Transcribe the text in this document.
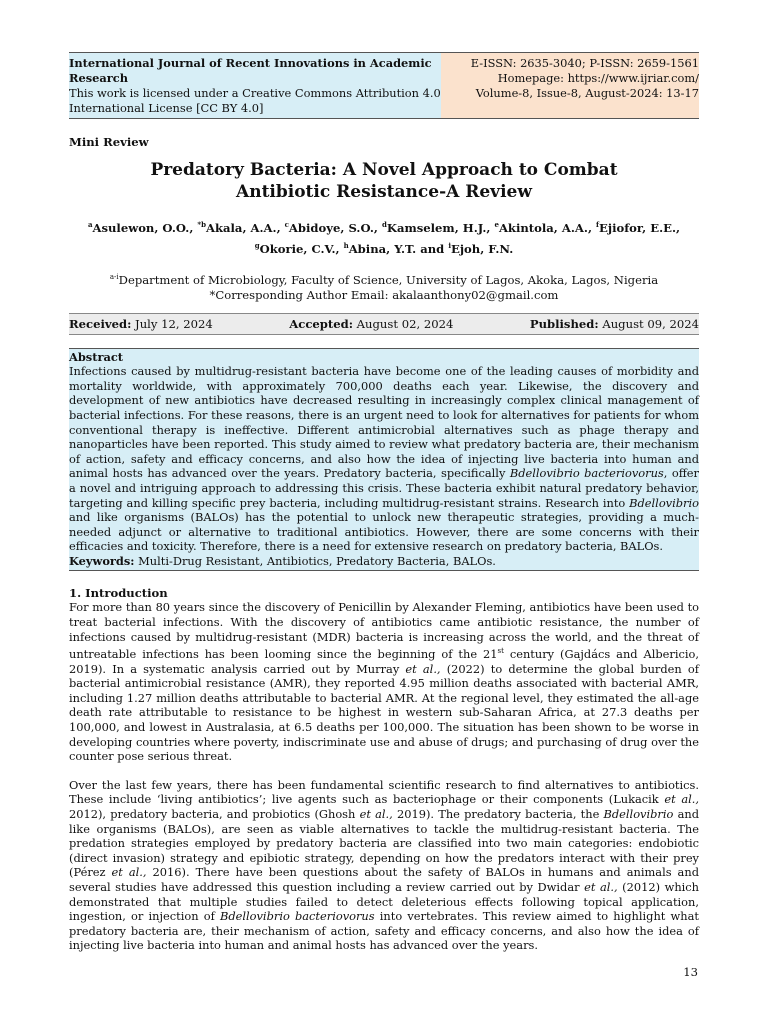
International Journal of Recent Innovations in Academic Research
This work is licensed under a Creative Commons Attribution 4.0 International License [CC BY 4.0]
E-ISSN: 2635-3040; P-ISSN: 2659-1561
Homepage: https://www.ijriar.com/
Volume-8, Issue-8, August-2024: 13-17
Mini Review
Predatory Bacteria: A Novel Approach to Combat Antibiotic Resistance-A Review
$^a$Asulewon, O.O., $^{*b}$Akala, A.A., $^c$Abidoye, S.O., $^d$Kamselem, H.J., $^e$Akintola, A.A., $^f$Ejiofor, E.E.,
$^g$Okorie, C.V., $^h$Abina, Y.T. and $^i$Ejoh, F.N.
$^{a-i}$Department of Microbiology, Faculty of Science, University of Lagos, Akoka, Lagos, Nigeria
*Corresponding Author Email: akalaanthony02@gmail.com
Received: July 12, 2024	Accepted: August 02, 2024	Published: August 09, 2024
Abstract
Infections caused by multidrug-resistant bacteria have become one of the leading causes of morbidity and mortality worldwide, with approximately 700,000 deaths each year. Likewise, the discovery and development of new antibiotics have decreased resulting in increasingly complex clinical management of bacterial infections. For these reasons, there is an urgent need to look for alternatives for patients for whom conventional therapy is ineffective. Different antimicrobial alternatives such as phage therapy and nanoparticles have been reported. This study aimed to review what predatory bacteria are, their mechanism of action, safety and efficacy concerns, and also how the idea of injecting live bacteria into human and animal hosts has advanced over the years. Predatory bacteria, specifically Bdellovibrio bacteriovorus, offer a novel and intriguing approach to addressing this crisis. These bacteria exhibit natural predatory behavior, targeting and killing specific prey bacteria, including multidrug-resistant strains. Research into Bdellovibrio and like organisms (BALOs) has the potential to unlock new therapeutic strategies, providing a much-needed adjunct or alternative to traditional antibiotics. However, there are some concerns with their efficacies and toxicity. Therefore, there is a need for extensive research on predatory bacteria, BALOs.
Keywords: Multi-Drug Resistant, Antibiotics, Predatory Bacteria, BALOs.
1. Introduction
For more than 80 years since the discovery of Penicillin by Alexander Fleming, antibiotics have been used to treat bacterial infections. With the discovery of antibiotics came antibiotic resistance, the number of infections caused by multidrug-resistant (MDR) bacteria is increasing across the world, and the threat of untreatable infections has been looming since the beginning of the 21st century (Gajdács and Albericio, 2019). In a systematic analysis carried out by Murray et al., (2022) to determine the global burden of bacterial antimicrobial resistance (AMR), they reported 4.95 million deaths associated with bacterial AMR, including 1.27 million deaths attributable to bacterial AMR. At the regional level, they estimated the all-age death rate attributable to resistance to be highest in western sub-Saharan Africa, at 27.3 deaths per 100,000, and lowest in Australasia, at 6.5 deaths per 100,000. The situation has been shown to be worse in developing countries where poverty, indiscriminate use and abuse of drugs; and purchasing of drug over the counter pose serious threat.
Over the last few years, there has been fundamental scientific research to find alternatives to antibiotics. These include ‘living antibiotics’; live agents such as bacteriophage or their components (Lukacik et al., 2012), predatory bacteria, and probiotics (Ghosh et al., 2019). The predatory bacteria, the Bdellovibrio and like organisms (BALOs), are seen as viable alternatives to tackle the multidrug-resistant bacteria. The predation strategies employed by predatory bacteria are classified into two main categories: endobiotic (direct invasion) strategy and epibiotic strategy, depending on how the predators interact with their prey (Pérez et al., 2016). There have been questions about the safety of BALOs in humans and animals and several studies have addressed this question including a review carried out by Dwidar et al., (2012) which demonstrated that multiple studies failed to detect deleterious effects following topical application, ingestion, or injection of Bdellovibrio bacteriovorus into vertebrates. This review aimed to highlight what predatory bacteria are, their mechanism of action, safety and efficacy concerns, and also how the idea of injecting live bacteria into human and animal hosts has advanced over the years.
13
